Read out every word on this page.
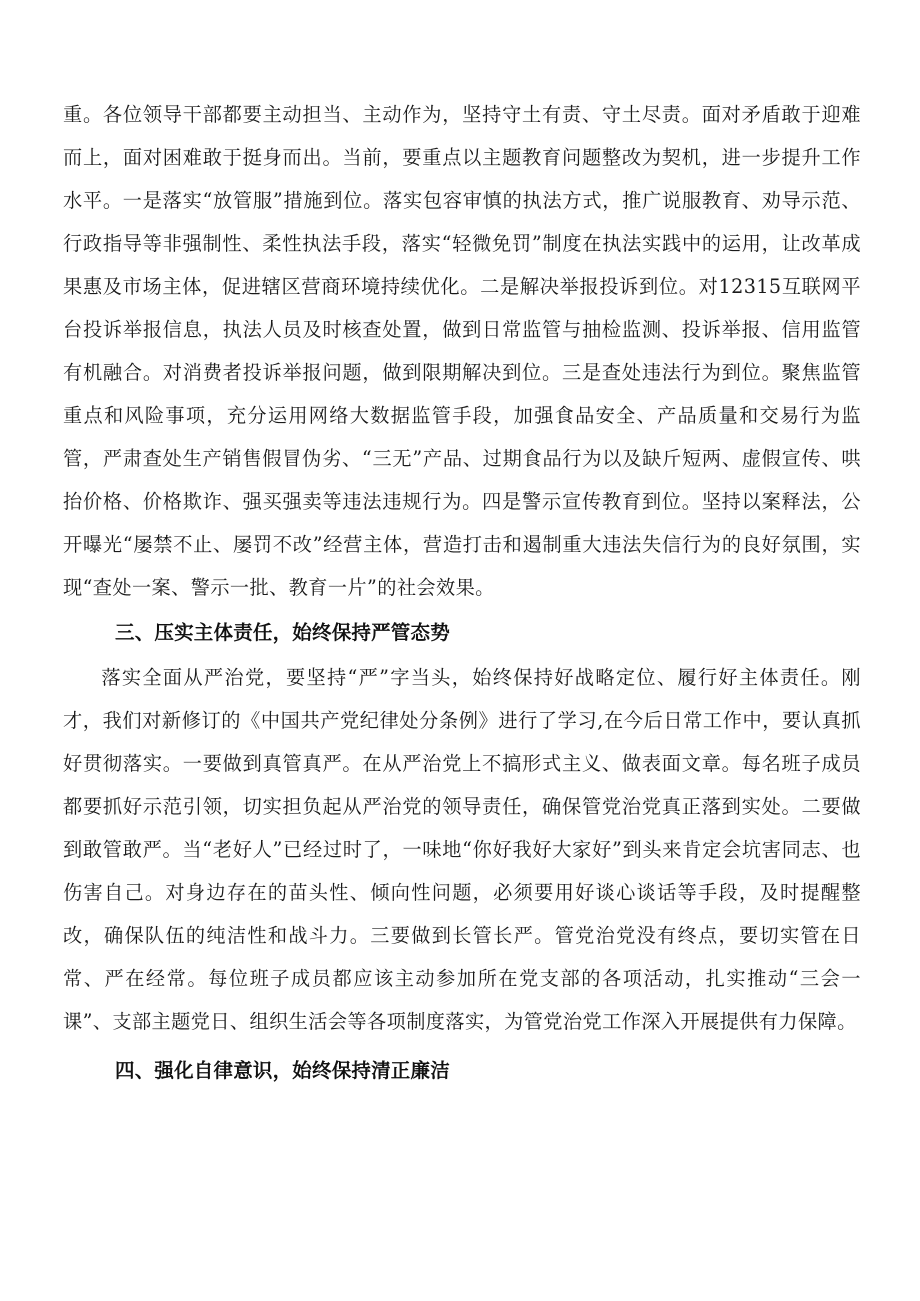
重。各位领导干部都要主动担当、主动作为，坚持守土有责、守土尽责。面对矛盾敢于迎难而上，面对困难敢于挺身而出。当前，要重点以主题教育问题整改为契机，进一步提升工作水平。一是落实“放管服”措施到位。落实包容审慎的执法方式，推广说服教育、劝导示范、行政指导等非强制性、柔性执法手段，落实“轻微免罚”制度在执法实践中的运用，让改革成果惠及市场主体，促进辖区营商环境持续优化。二是解决举报投诉到位。对12315互联网平台投诉举报信息，执法人员及时核查处置，做到日常监管与抽检监测、投诉举报、信用监管有机融合。对消费者投诉举报问题，做到限期解决到位。三是查处违法行为到位。聚焦监管重点和风险事项，充分运用网络大数据监管手段，加强食品安全、产品质量和交易行为监管，严肃查处生产销售假冒伪劣、“三无”产品、过期食品行为以及缺斤短两、虚假宣传、哄抬价格、价格欺诈、强买强卖等违法违规行为。四是警示宣传教育到位。坚持以案释法，公开曝光“屡禁不止、屡罚不改”经营主体，营造打击和遏制重大违法失信行为的良好氛围，实现“查处一案、警示一批、教育一片”的社会效果。

三、压实主体责任，始终保持严管态势

落实全面从严治党，要坚持“严”字当头，始终保持好战略定位、履行好主体责任。刚才，我们对新修订的《中国共产党纪律处分条例》进行了学习,在今后日常工作中，要认真抓好贯彻落实。一要做到真管真严。在从严治党上不搞形式主义、做表面文章。每名班子成员都要抓好示范引领，切实担负起从严治党的领导责任，确保管党治党真正落到实处。二要做到敢管敢严。当“老好人”已经过时了，一味地“你好我好大家好”到头来肯定会坑害同志、也伤害自己。对身边存在的苗头性、倾向性问题，必须要用好谈心谈话等手段，及时提醒整改，确保队伍的纯洁性和战斗力。三要做到长管长严。管党治党没有终点，要切实管在日常、严在经常。每位班子成员都应该主动参加所在党支部的各项活动，扎实推动“三会一课”、支部主题党日、组织生活会等各项制度落实，为管党治党工作深入开展提供有力保障。

四、强化自律意识，始终保持清正廉洁
